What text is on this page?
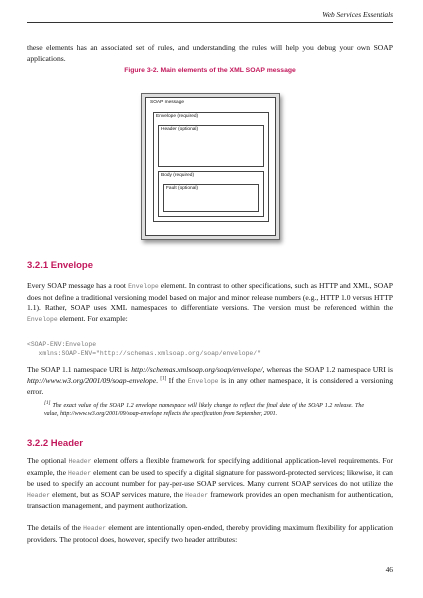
Web Services Essentials

these elements has an associated set of rules, and understanding the rules will help you debug your own SOAP applications.

Figure 3-2. Main elements of the XML SOAP message
SOAP message
Envelope (required)
Header (optional)
Body (required)
Fault (optional)
3.2.1 Envelope

Every SOAP message has a root Envelope element. In contrast to other specifications, such as HTTP and XML, SOAP does not define a traditional versioning model based on major and minor release numbers (e.g., HTTP 1.0 versus HTTP 1.1). Rather, SOAP uses XML namespaces to differentiate versions. The version must be referenced within the Envelope element. For example:

<SOAP-ENV:Envelope
xmlns:SOAP-ENV="http://schemas.xmlsoap.org/soap/envelope/"

The SOAP 1.1 namespace URI is http://schemas.xmlsoap.org/soap/envelope/, whereas the SOAP 1.2 namespace URI is http://www.w3.org/2001/09/soap-envelope. [1] If the Envelope is in any other namespace, it is considered a versioning error.

[1] The exact value of the SOAP 1.2 envelope namespace will likely change to reflect the final date of the SOAP 1.2 release. The value, http://www.w3.org/2001/09/soap-envelope reflects the specification from September, 2001.

3.2.2 Header

The optional Header element offers a flexible framework for specifying additional application-level requirements. For example, the Header element can be used to specify a digital signature for password-protected services; likewise, it can be used to specify an account number for pay-per-use SOAP services. Many current SOAP services do not utilize the Header element, but as SOAP services mature, the Header framework provides an open mechanism for authentication, transaction management, and payment authorization.

The details of the Header element are intentionally open-ended, thereby providing maximum flexibility for application providers. The protocol does, however, specify two header attributes:

46
